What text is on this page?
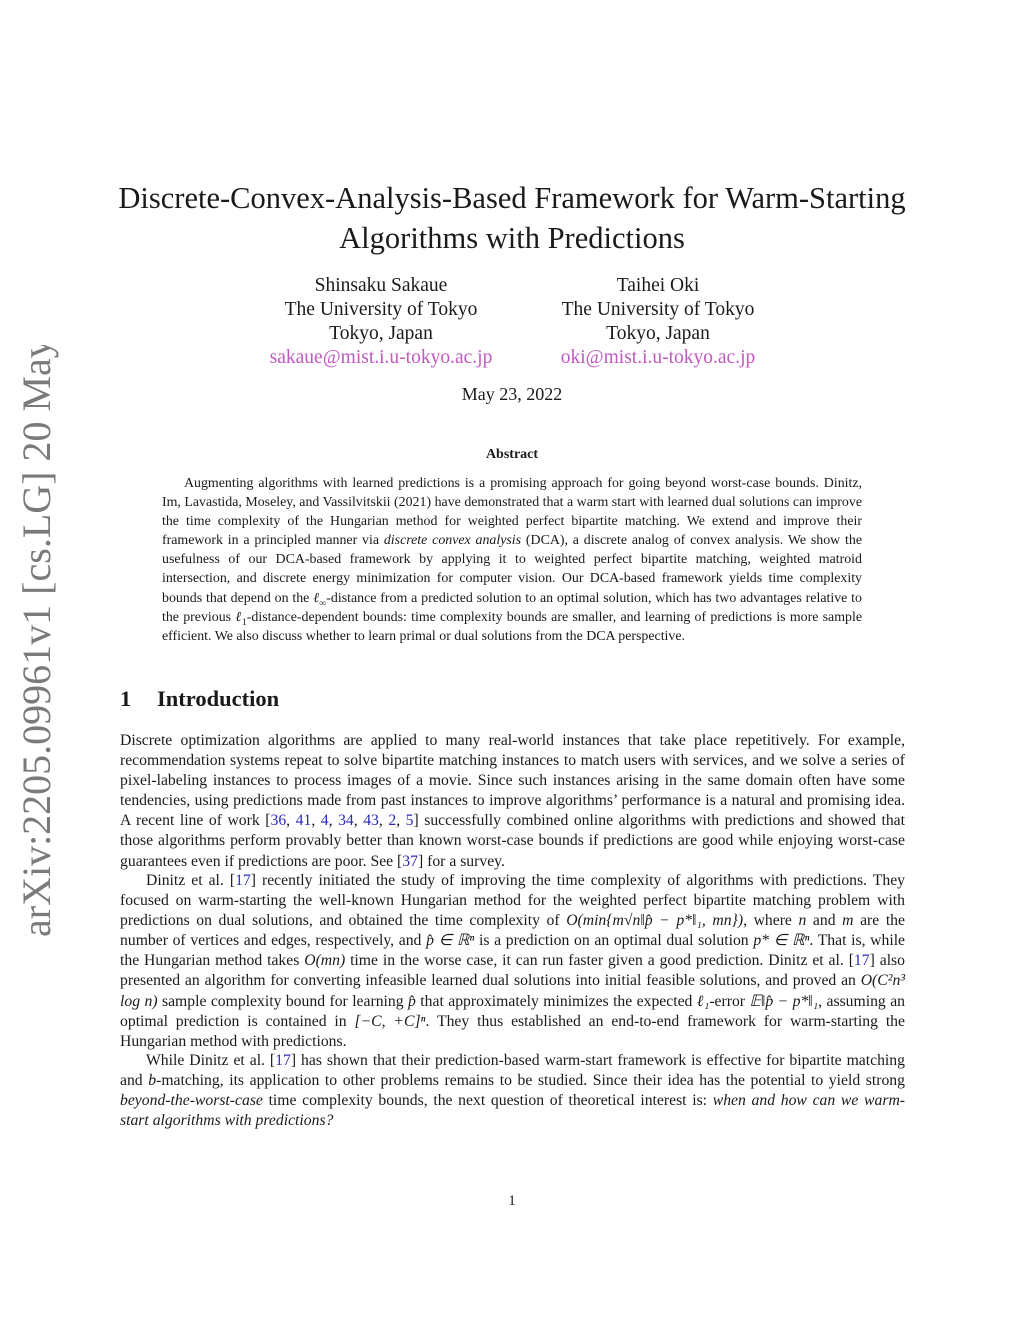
arXiv:2205.09961v1 [cs.LG] 20 May 2022
Discrete-Convex-Analysis-Based Framework for Warm-Starting Algorithms with Predictions
Shinsaku Sakaue
The University of Tokyo
Tokyo, Japan
sakaue@mist.i.u-tokyo.ac.jp
Taihei Oki
The University of Tokyo
Tokyo, Japan
oki@mist.i.u-tokyo.ac.jp
May 23, 2022
Abstract

Augmenting algorithms with learned predictions is a promising approach for going beyond worst-case bounds. Dinitz, Im, Lavastida, Moseley, and Vassilvitskii (2021) have demonstrated that a warm start with learned dual solutions can improve the time complexity of the Hungarian method for weighted perfect bipartite matching. We extend and improve their framework in a principled manner via discrete convex analysis (DCA), a discrete analog of convex analysis. We show the usefulness of our DCA-based framework by applying it to weighted perfect bipartite matching, weighted matroid intersection, and discrete energy minimization for computer vision. Our DCA-based framework yields time complexity bounds that depend on the ℓ$_\infty$-distance from a predicted solution to an optimal solution, which has two advantages relative to the previous ℓ$_1$-distance-dependent bounds: time complexity bounds are smaller, and learning of predictions is more sample efficient. We also discuss whether to learn primal or dual solutions from the DCA perspective.

1 Introduction

Discrete optimization algorithms are applied to many real-world instances that take place repetitively. For example, recommendation systems repeat to solve bipartite matching instances to match users with services, and we solve a series of pixel-labeling instances to process images of a movie. Since such instances arising in the same domain often have some tendencies, using predictions made from past instances to improve algorithms’ performance is a natural and promising idea. A recent line of work [36, 41, 4, 34, 43, 2, 5] successfully combined online algorithms with predictions and showed that those algorithms perform provably better than known worst-case bounds if predictions are good while enjoying worst-case guarantees even if predictions are poor. See [37] for a survey.

Dinitz et al. [17] recently initiated the study of improving the time complexity of algorithms with predictions. They focused on warm-starting the well-known Hungarian method for the weighted perfect bipartite matching problem with predictions on dual solutions, and obtained the time complexity of O(min{m√n‖p̂ − p*‖₁, mn}), where n and m are the number of vertices and edges, respectively, and p̂ ∈ ℝⁿ is a prediction on an optimal dual solution p* ∈ ℝⁿ. That is, while the Hungarian method takes O(mn) time in the worse case, it can run faster given a good prediction. Dinitz et al. [17] also presented an algorithm for converting infeasible learned dual solutions into initial feasible solutions, and proved an O(C²n³ log n) sample complexity bound for learning p̂ that approximately minimizes the expected ℓ₁-error 𝔼‖p̂ − p*‖₁, assuming an optimal prediction is contained in [−C, +C]ⁿ. They thus established an end-to-end framework for warm-starting the Hungarian method with predictions.

While Dinitz et al. [17] has shown that their prediction-based warm-start framework is effective for bipartite matching and b-matching, its application to other problems remains to be studied. Since their idea has the potential to yield strong beyond-the-worst-case time complexity bounds, the next question of theoretical interest is: when and how can we warm-start algorithms with predictions?

1
